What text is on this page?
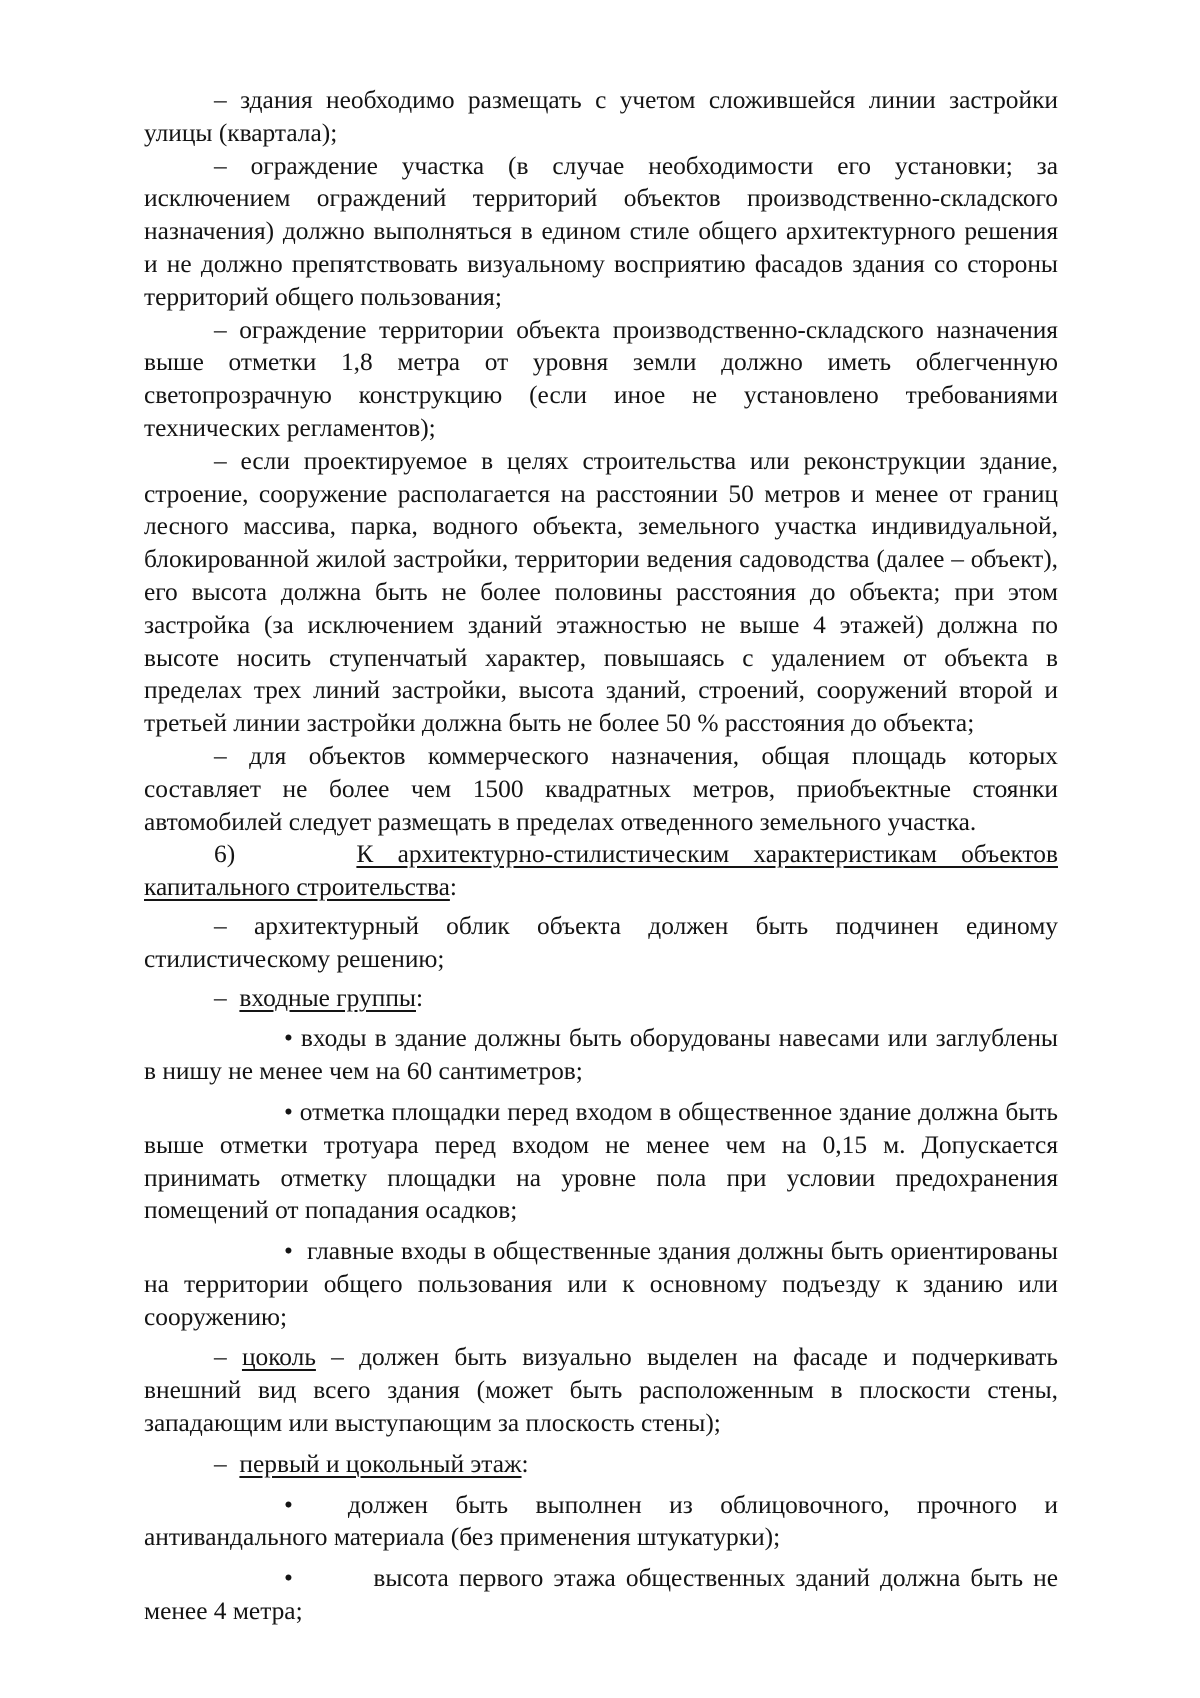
– здания необходимо размещать с учетом сложившейся линии застройки улицы (квартала);

– ограждение участка (в случае необходимости его установки; за исключением ограждений территорий объектов производственно-складского назначения) должно выполняться в едином стиле общего архитектурного решения и не должно препятствовать визуальному восприятию фасадов здания со стороны территорий общего пользования;

– ограждение территории объекта производственно-складского назначения выше отметки 1,8 метра от уровня земли должно иметь облегченную светопрозрачную конструкцию (если иное не установлено требованиями технических регламентов);

– если проектируемое в целях строительства или реконструкции здание, строение, сооружение располагается на расстоянии 50 метров и менее от границ лесного массива, парка, водного объекта, земельного участка индивидуальной, блокированной жилой застройки, территории ведения садоводства (далее – объект), его высота должна быть не более половины расстояния до объекта; при этом застройка (за исключением зданий этажностью не выше 4 этажей) должна по высоте носить ступенчатый характер, повышаясь с удалением от объекта в пределах трех линий застройки, высота зданий, строений, сооружений второй и третьей линии застройки должна быть не более 50 % расстояния до объекта;

– для объектов коммерческого назначения, общая площадь которых составляет не более чем 1500 квадратных метров, приобъектные стоянки автомобилей следует размещать в пределах отведенного земельного участка.

6)	К архитектурно-стилистическим характеристикам объектов капитального строительства:

– архитектурный облик объекта должен быть подчинен единому стилистическому решению;

– входные группы:

• входы в здание должны быть оборудованы навесами или заглублены в нишу не менее чем на 60 сантиметров;

• отметка площадки перед входом в общественное здание должна быть выше отметки тротуара перед входом не менее чем на 0,15 м. Допускается принимать отметку площадки на уровне пола при условии предохранения помещений от попадания осадков;

• главные входы в общественные здания должны быть ориентированы на территории общего пользования или к основному подъезду к зданию или сооружению;

– цоколь – должен быть визуально выделен на фасаде и подчеркивать внешний вид всего здания (может быть расположенным в плоскости стены, западающим или выступающим за плоскость стены);

– первый и цокольный этаж:

• должен быть выполнен из облицовочного, прочного и антивандального материала (без применения штукатурки);

•	высота первого этажа общественных зданий должна быть не менее 4 метра;
